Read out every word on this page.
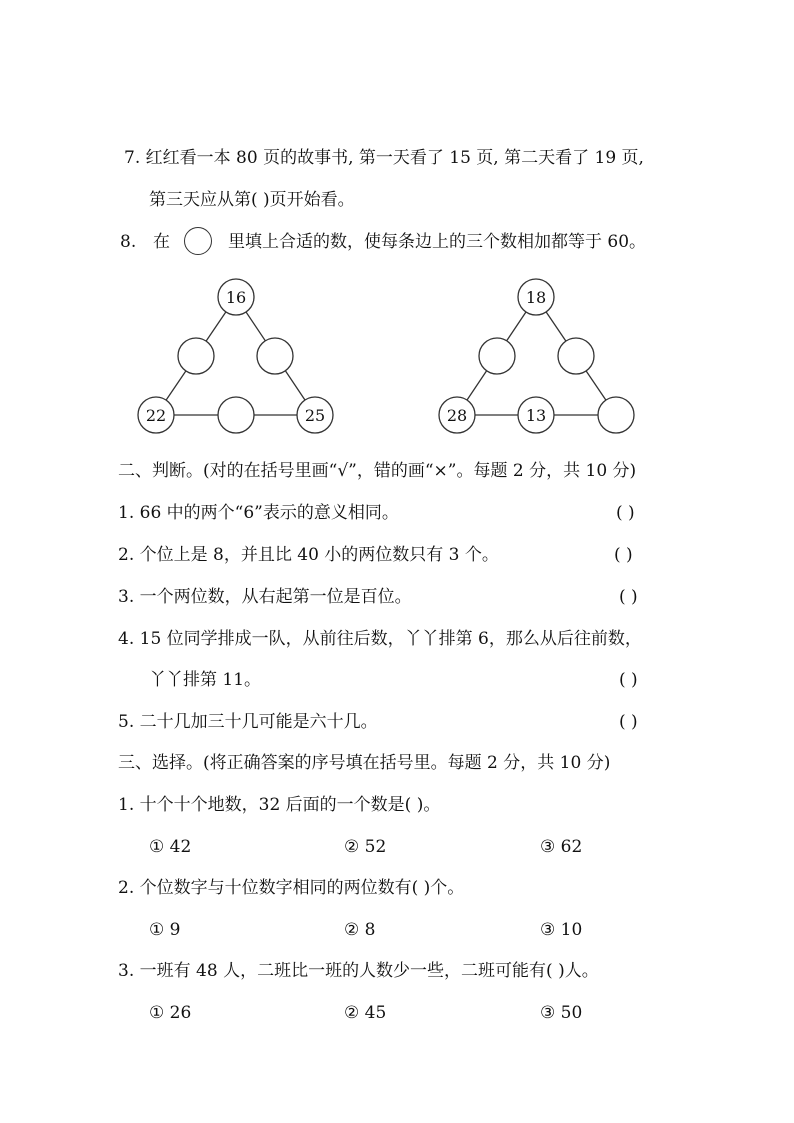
7. 红红看一本 80 页的故事书, 第一天看了 15 页, 第二天看了 19 页,
第三天应从第( )页开始看。
8. 在	里填上合适的数，使每条边上的三个数相加都等于 60。
16
22	25
18
28	13
二、判断。(对的在括号里画“√”，错的画“×”。每题 2 分，共 10 分)
1. 66 中的两个“6”表示的意义相同。	( )
2. 个位上是 8，并且比 40 小的两位数只有 3 个。	( )
3. 一个两位数，从右起第一位是百位。	( )
4. 15 位同学排成一队，从前往后数，丫丫排第 6，那么从后往前数，
丫丫排第 11。	( )
5. 二十几加三十几可能是六十几。	( )
三、选择。(将正确答案的序号填在括号里。每题 2 分，共 10 分)
1. 十个十个地数，32 后面的一个数是( )。
① 42	② 52	③ 62
2. 个位数字与十位数字相同的两位数有( )个。
① 9	② 8	③ 10
3. 一班有 48 人，二班比一班的人数少一些，二班可能有( )人。
① 26	② 45	③ 50
